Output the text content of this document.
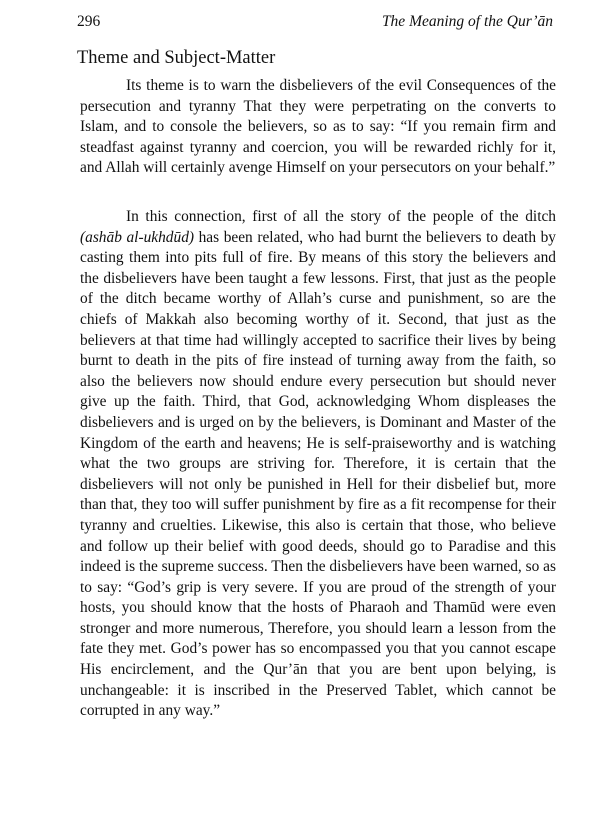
296	The Meaning of the Qur’ān
Theme and Subject-Matter

Its theme is to warn the disbelievers of the evil Consequences of the persecution and tyranny That they were perpetrating on the converts to Islam, and to console the believers, so as to say: “If you remain firm and steadfast against tyranny and coercion, you will be rewarded richly for it, and Allah will certainly avenge Himself on your persecutors on your behalf.”

In this connection, first of all the story of the people of the ditch (ashāb al-ukhdūd) has been related, who had burnt the believers to death by casting them into pits full of fire. By means of this story the believers and the disbelievers have been taught a few lessons. First, that just as the people of the ditch became worthy of Allah’s curse and punishment, so are the chiefs of Makkah also becoming worthy of it. Second, that just as the believers at that time had willingly accepted to sacrifice their lives by being burnt to death in the pits of fire instead of turning away from the faith, so also the believers now should endure every persecution but should never give up the faith. Third, that God, acknowledging Whom displeases the disbelievers and is urged on by the believers, is Dominant and Master of the Kingdom of the earth and heavens; He is self-praiseworthy and is watching what the two groups are striving for. Therefore, it is certain that the disbelievers will not only be punished in Hell for their disbelief but, more than that, they too will suffer punishment by fire as a fit recompense for their tyranny and cruelties. Likewise, this also is certain that those, who believe and follow up their belief with good deeds, should go to Paradise and this indeed is the supreme success. Then the disbelievers have been warned, so as to say: “God’s grip is very severe. If you are proud of the strength of your hosts, you should know that the hosts of Pharaoh and Thamūd were even stronger and more numerous, Therefore, you should learn a lesson from the fate they met. God’s power has so encompassed you that you cannot escape His encirclement, and the Qur’ān that you are bent upon belying, is unchangeable: it is inscribed in the Preserved Tablet, which cannot be corrupted in any way.”
